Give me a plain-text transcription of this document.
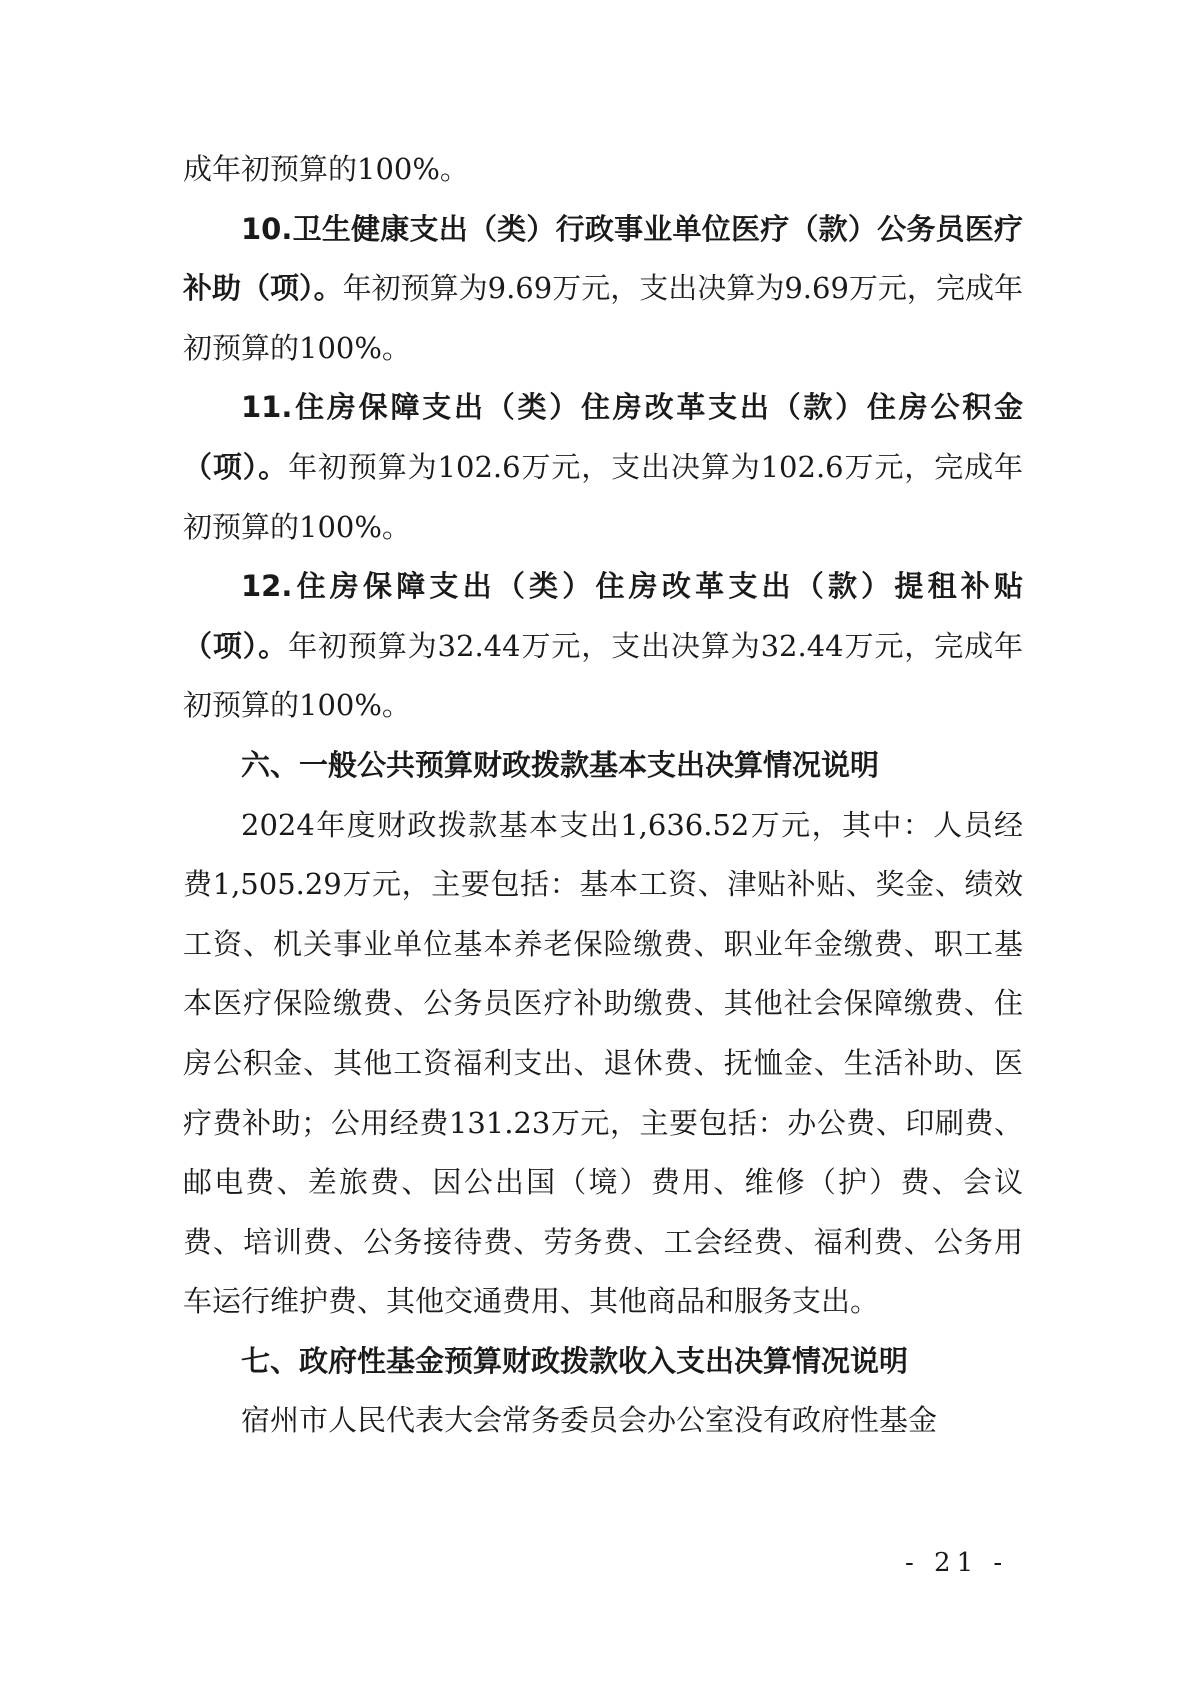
成年初预算的100%。

10.卫生健康支出（类）行政事业单位医疗（款）公务员医疗补助（项）。年初预算为9.69万元，支出决算为9.69万元，完成年初预算的100%。

11.住房保障支出（类）住房改革支出（款）住房公积金（项）。年初预算为102.6万元，支出决算为102.6万元，完成年初预算的100%。

12.住房保障支出（类）住房改革支出（款）提租补贴（项）。年初预算为32.44万元，支出决算为32.44万元，完成年初预算的100%。

六、一般公共预算财政拨款基本支出决算情况说明

2024年度财政拨款基本支出1,636.52万元，其中：人员经费1,505.29万元，主要包括：基本工资、津贴补贴、奖金、绩效工资、机关事业单位基本养老保险缴费、职业年金缴费、职工基本医疗保险缴费、公务员医疗补助缴费、其他社会保障缴费、住房公积金、其他工资福利支出、退休费、抚恤金、生活补助、医疗费补助；公用经费131.23万元，主要包括：办公费、印刷费、邮电费、差旅费、因公出国（境）费用、维修（护）费、会议费、培训费、公务接待费、劳务费、工会经费、福利费、公务用车运行维护费、其他交通费用、其他商品和服务支出。

七、政府性基金预算财政拨款收入支出决算情况说明

宿州市人民代表大会常务委员会办公室没有政府性基金

- 21 -
